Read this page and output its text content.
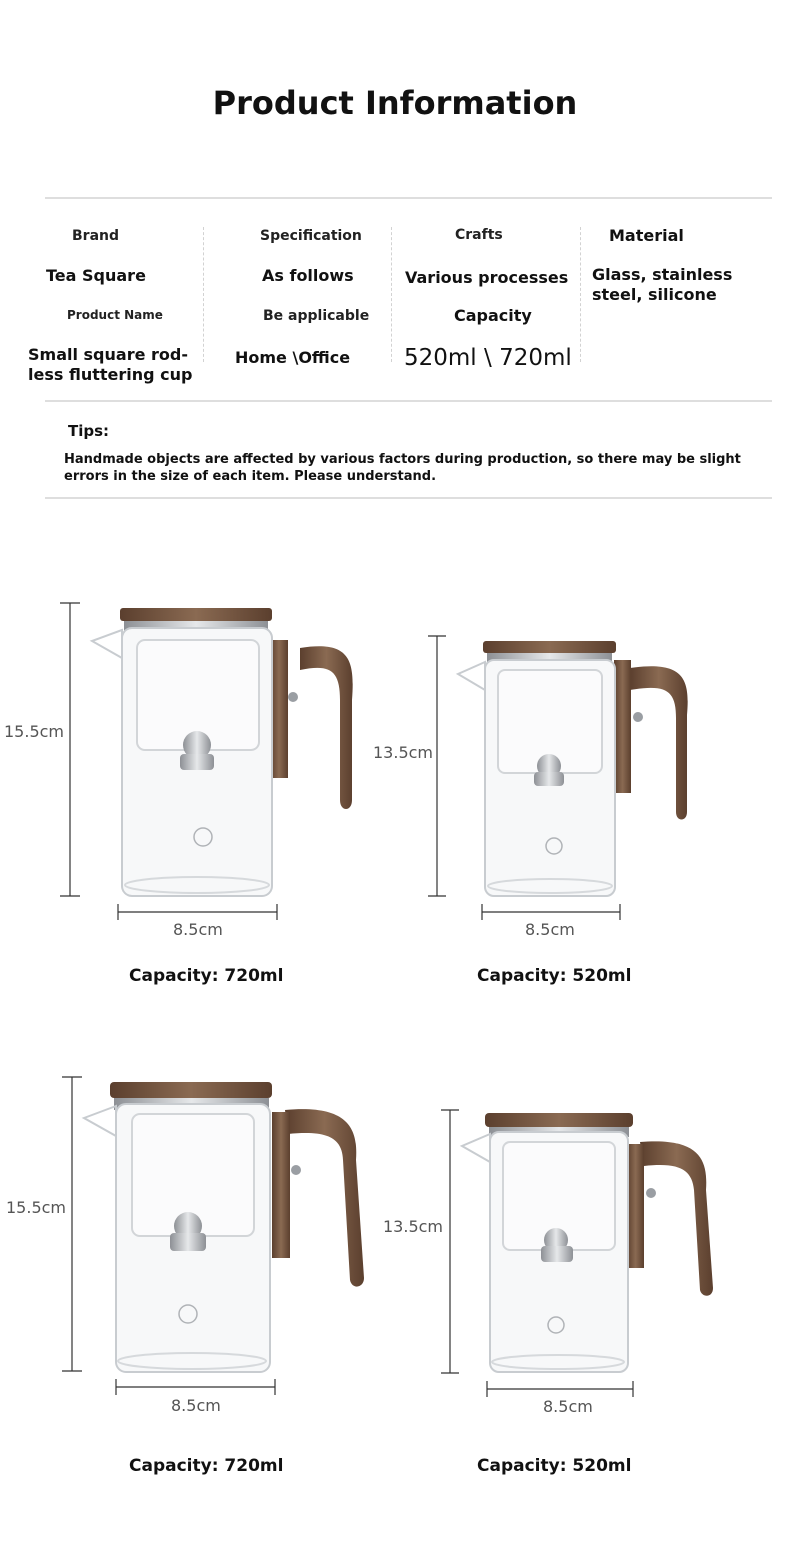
Product Information
Brand
Tea Square
Product Name
Small square rod-less fluttering cup
Specification
As follows
Be applicable
Home \Office
Crafts
Various processes
Capacity
520ml \ 720ml
Material
Glass, stainless steel, silicone
Tips:
Handmade objects are affected by various factors during production, so there may be slight errors in the size of each item. Please understand.
15.5cm
8.5cm
Capacity: 720ml
13.5cm
8.5cm
Capacity: 520ml
15.5cm
8.5cm
Capacity: 720ml
13.5cm
8.5cm
Capacity: 520ml
